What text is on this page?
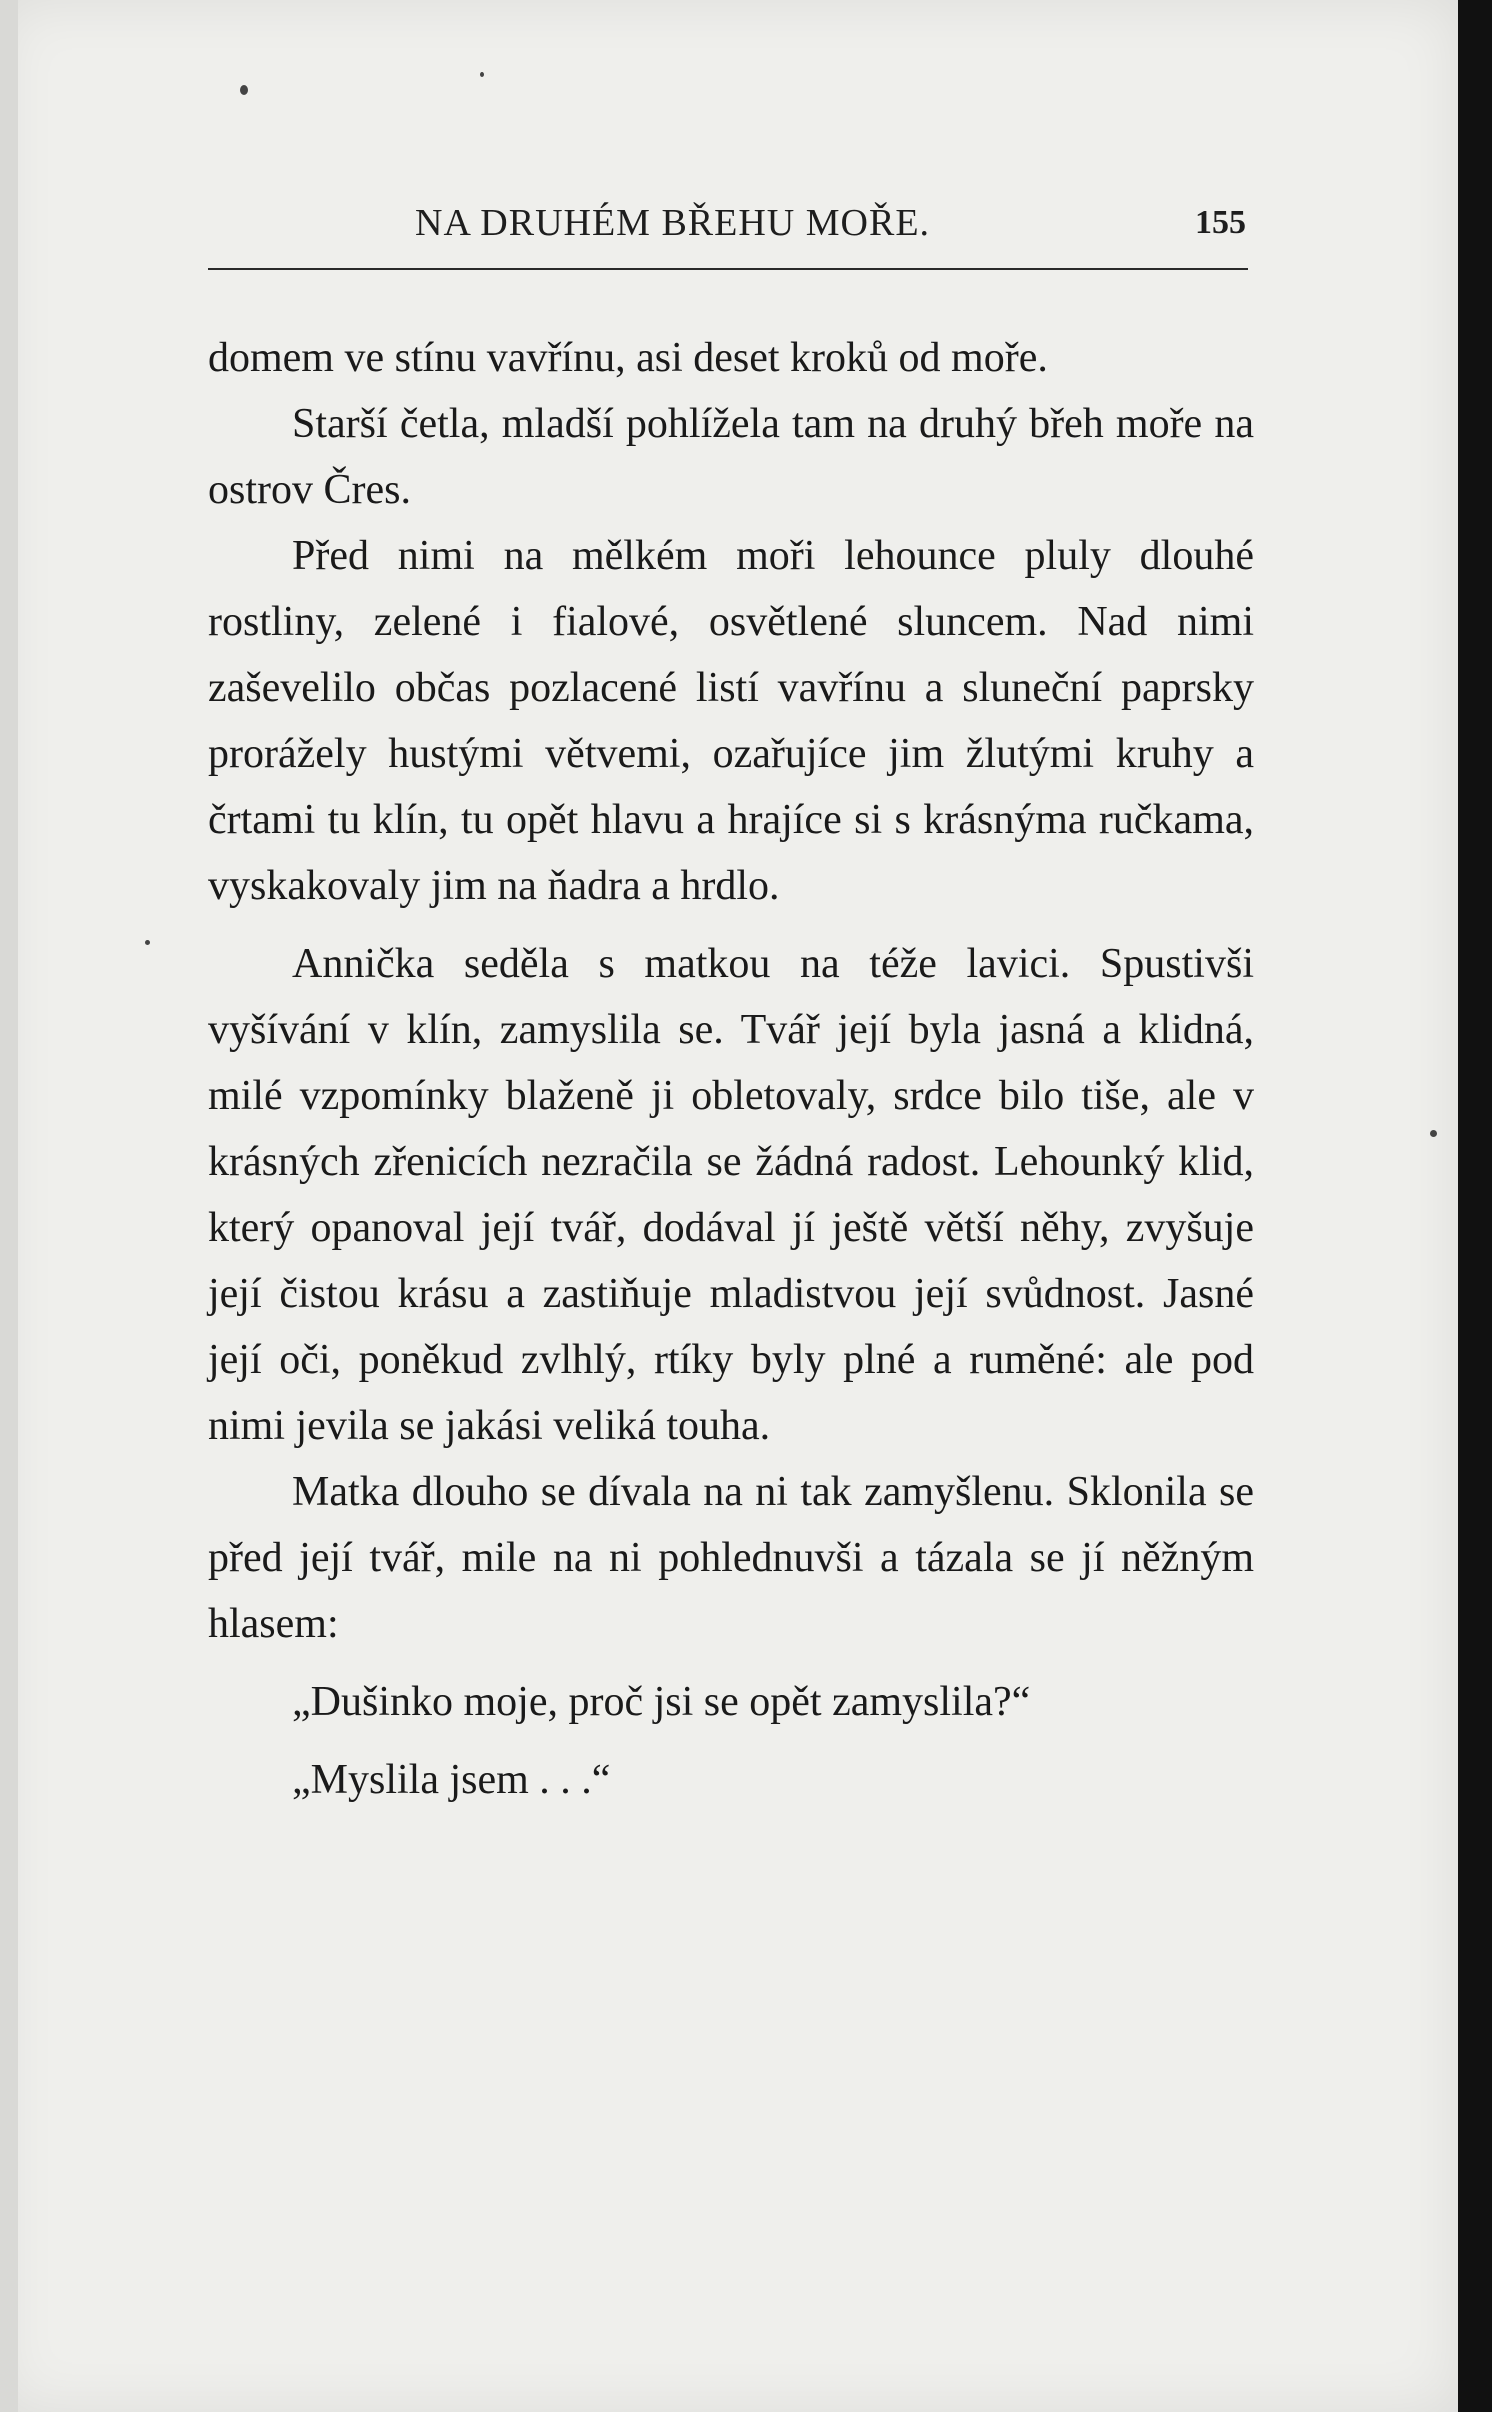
NA DRUHÉM BŘEHU MOŘE.	155

domem ve stínu vavřínu, asi deset kroků od moře.

Starší četla, mladší pohlížela tam na druhý břeh moře na ostrov Čres.

Před nimi na mělkém moři lehounce pluly dlouhé rostliny, zelené i fialové, osvětlené sluncem. Nad nimi zaševelilo občas pozlacené listí vavřínu a sluneční paprsky prorážely hustými větvemi, ozařujíce jim žlutými kruhy a črtami tu klín, tu opět hlavu a hrajíce si s krásnýma ručkama, vyskakovaly jim na ňadra a hrdlo.

Annička seděla s matkou na téže lavici. Spustivši vyšívání v klín, zamyslila se. Tvář její byla jasná a klidná, milé vzpomínky blaženě ji obletovaly, srdce bilo tiše, ale v krásných zřenicích nezračila se žádná radost. Lehounký klid, který opanoval její tvář, dodával jí ještě větší něhy, zvyšuje její čistou krásu a zastiňuje mladistvou její svůdnost. Jasné její oči, poněkud zvlhlý, rtíky byly plné a ruměné: ale pod nimi jevila se jakási veliká touha.

Matka dlouho se dívala na ni tak zamyšlenu. Sklonila se před její tvář, mile na ni pohlednuvši a tázala se jí něžným hlasem:

„Dušinko moje, proč jsi se opět zamyslila?“

„Myslila jsem . . .“
